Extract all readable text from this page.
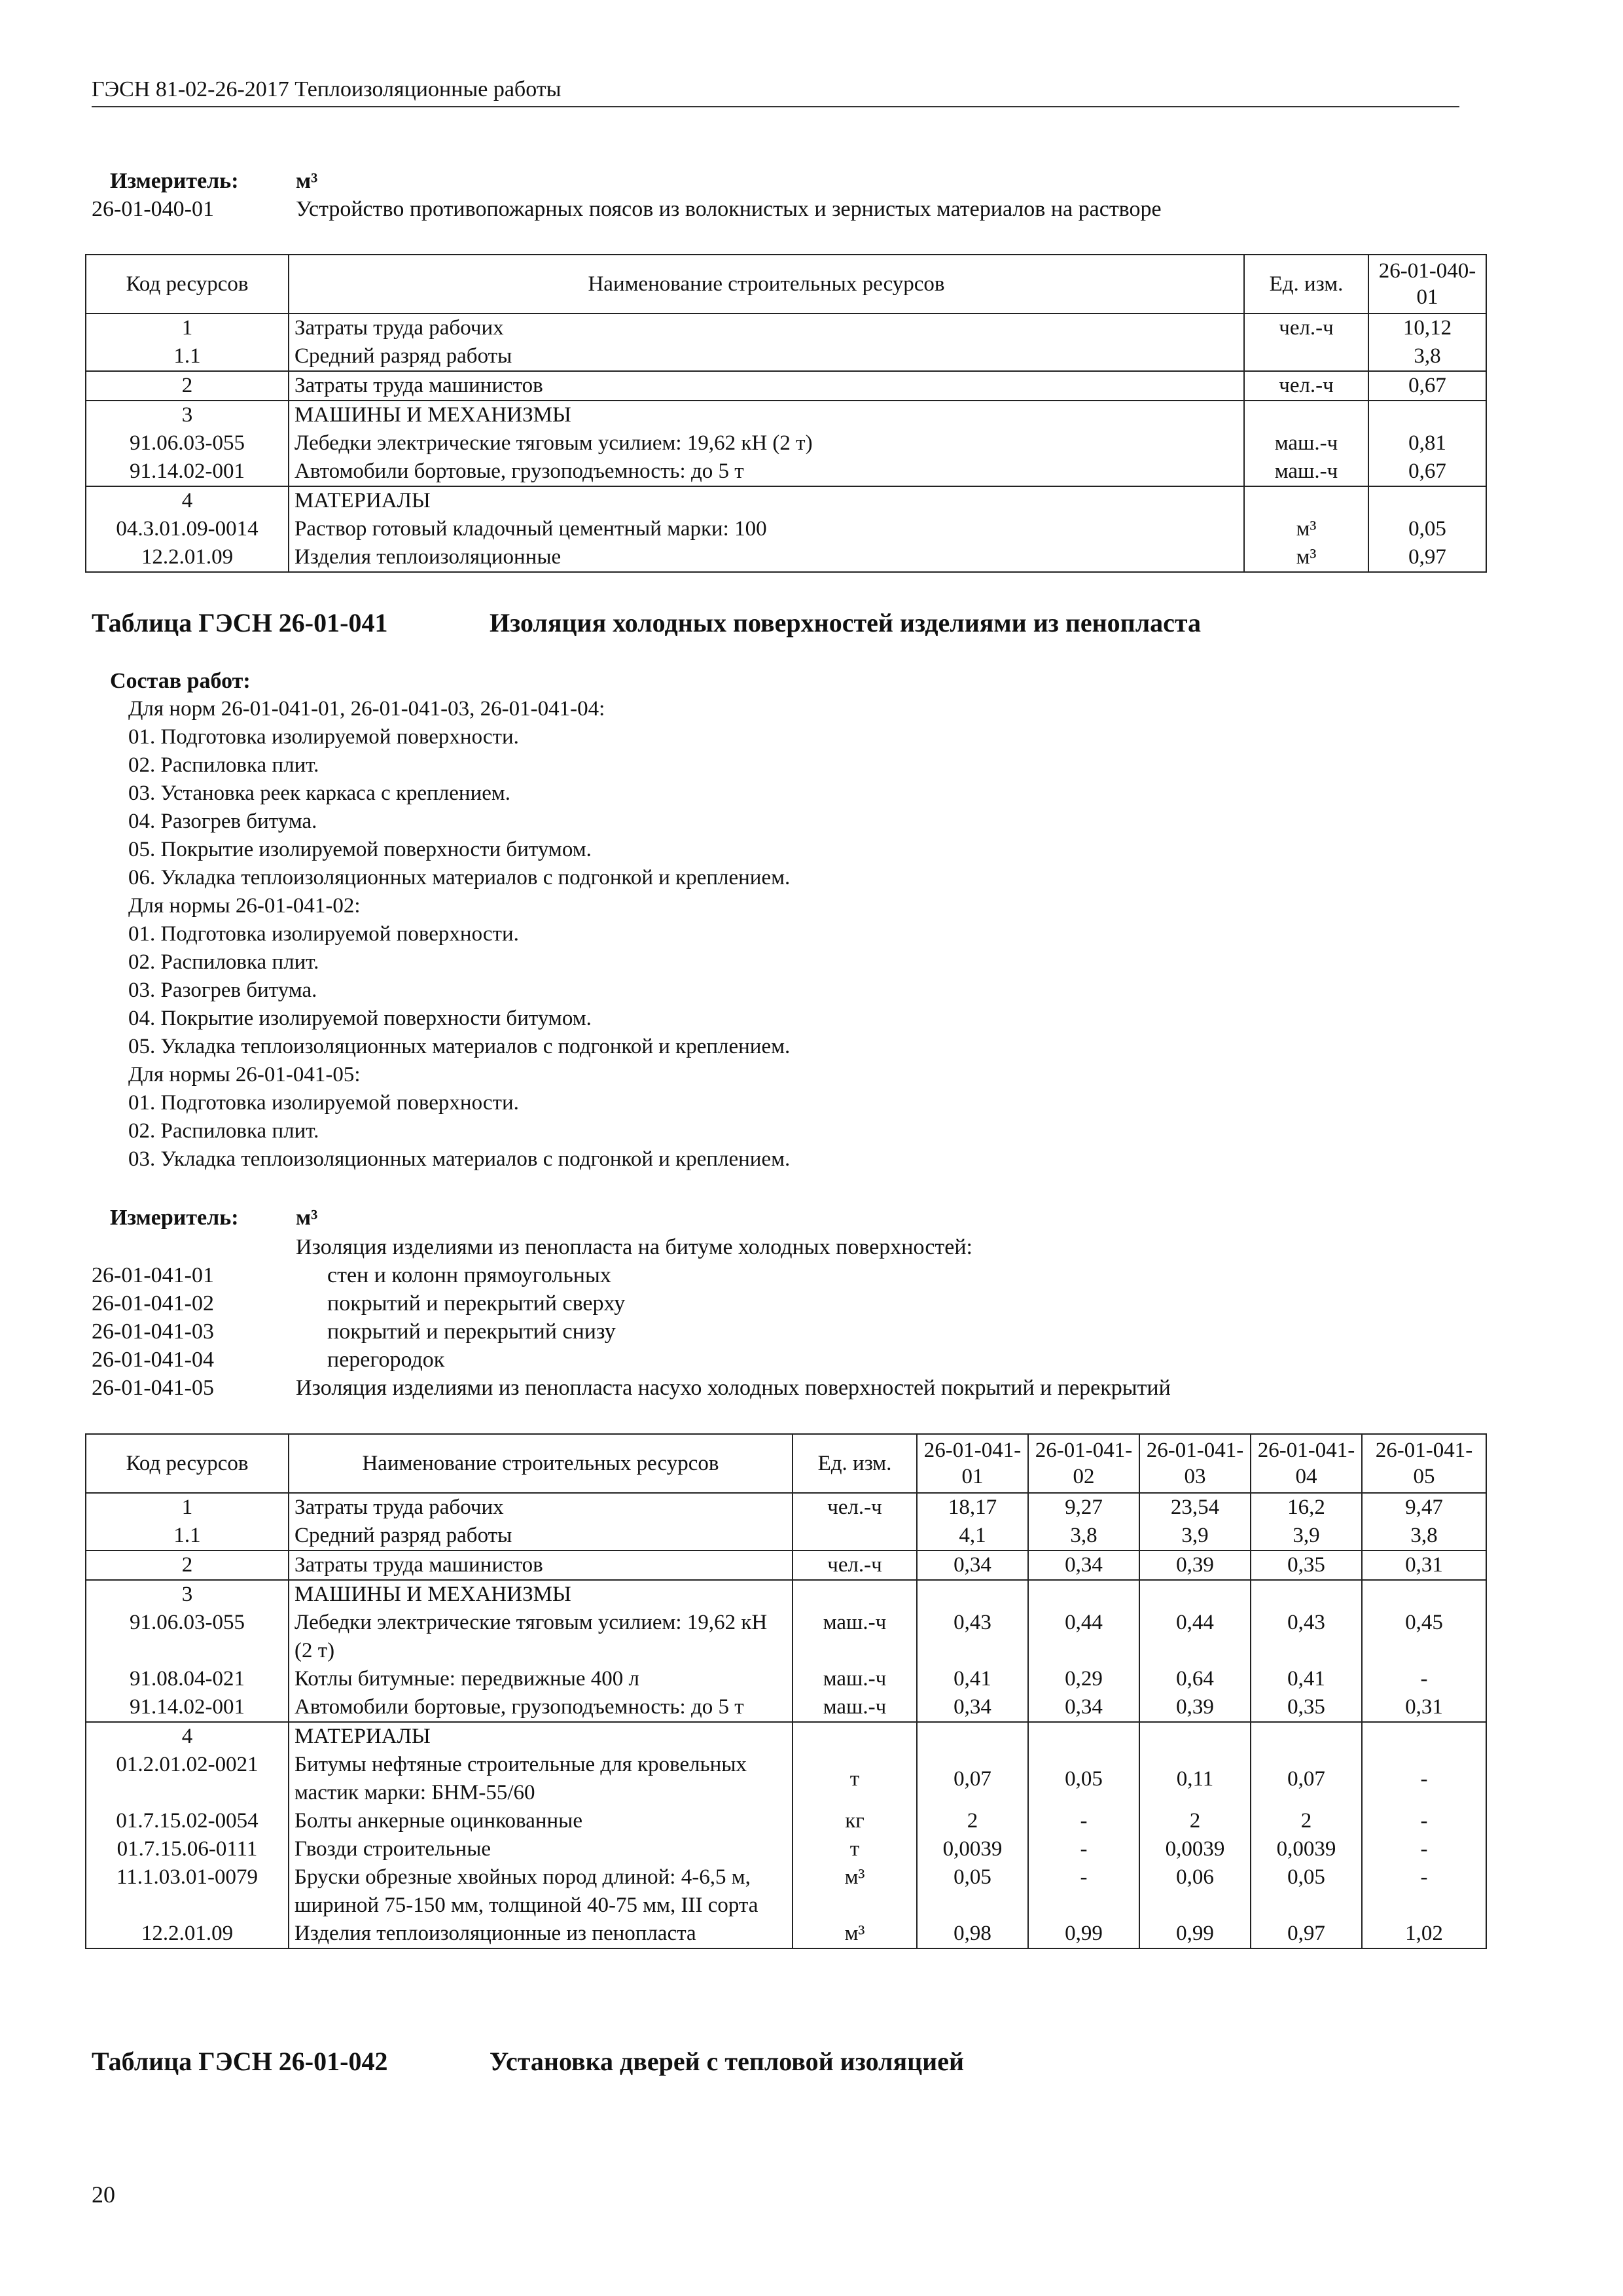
ГЭСН 81-02-26-2017 Теплоизоляционные работы
Измеритель:	м³
26-01-040-01	Устройство противопожарных поясов из волокнистых и зернистых материалов на растворе
Код ресурсов	Наименование строительных ресурсов	Ед. изм.	26-01-040-01
1	Затраты труда рабочих	чел.-ч	10,12
1.1	Средний разряд работы		3,8
2	Затраты труда машинистов	чел.-ч	0,67
3	МАШИНЫ И МЕХАНИЗМЫ		
91.06.03-055	Лебедки электрические тяговым усилием: 19,62 кН (2 т)	маш.-ч	0,81
91.14.02-001	Автомобили бортовые, грузоподъемность: до 5 т	маш.-ч	0,67
4	МАТЕРИАЛЫ		
04.3.01.09-0014	Раствор готовый кладочный цементный марки: 100	м³	0,05
12.2.01.09	Изделия теплоизоляционные	м³	0,97
Таблица ГЭСН 26-01-041	Изоляция холодных поверхностей изделиями из пенопласта
Состав работ:
Для норм 26-01-041-01, 26-01-041-03, 26-01-041-04:
01. Подготовка изолируемой поверхности.
02. Распиловка плит.
03. Установка реек каркаса с креплением.
04. Разогрев битума.
05. Покрытие изолируемой поверхности битумом.
06. Укладка теплоизоляционных материалов с подгонкой и креплением.
Для нормы 26-01-041-02:
01. Подготовка изолируемой поверхности.
02. Распиловка плит.
03. Разогрев битума.
04. Покрытие изолируемой поверхности битумом.
05. Укладка теплоизоляционных материалов с подгонкой и креплением.
Для нормы 26-01-041-05:
01. Подготовка изолируемой поверхности.
02. Распиловка плит.
03. Укладка теплоизоляционных материалов с подгонкой и креплением.
Измеритель:	м³
Изоляция изделиями из пенопласта на битуме холодных поверхностей:
26-01-041-01	стен и колонн прямоугольных
26-01-041-02	покрытий и перекрытий сверху
26-01-041-03	покрытий и перекрытий снизу
26-01-041-04	перегородок
26-01-041-05	Изоляция изделиями из пенопласта насухо холодных поверхностей покрытий и перекрытий
Код ресурсов	Наименование строительных ресурсов	Ед. изм.	26-01-041-01	26-01-041-02	26-01-041-03	26-01-041-04	26-01-041-05
1	Затраты труда рабочих	чел.-ч	18,17	9,27	23,54	16,2	9,47
1.1	Средний разряд работы		4,1	3,8	3,9	3,9	3,8
2	Затраты труда машинистов	чел.-ч	0,34	0,34	0,39	0,35	0,31
3	МАШИНЫ И МЕХАНИЗМЫ						
91.06.03-055	Лебедки электрические тяговым усилием: 19,62 кН (2 т)	маш.-ч	0,43	0,44	0,44	0,43	0,45
91.08.04-021	Котлы битумные: передвижные 400 л	маш.-ч	0,41	0,29	0,64	0,41	-
91.14.02-001	Автомобили бортовые, грузоподъемность: до 5 т	маш.-ч	0,34	0,34	0,39	0,35	0,31
4	МАТЕРИАЛЫ						
01.2.01.02-0021	Битумы нефтяные строительные для кровельных мастик марки: БНМ-55/60	т	0,07	0,05	0,11	0,07	-
01.7.15.02-0054	Болты анкерные оцинкованные	кг	2	-	2	2	-
01.7.15.06-0111	Гвозди строительные	т	0,0039	-	0,0039	0,0039	-
11.1.03.01-0079	Бруски обрезные хвойных пород длиной: 4-6,5 м, шириной 75-150 мм, толщиной 40-75 мм, III сорта	м³	0,05	-	0,06	0,05	-
12.2.01.09	Изделия теплоизоляционные из пенопласта	м³	0,98	0,99	0,99	0,97	1,02
Таблица ГЭСН 26-01-042	Установка дверей с тепловой изоляцией
20
